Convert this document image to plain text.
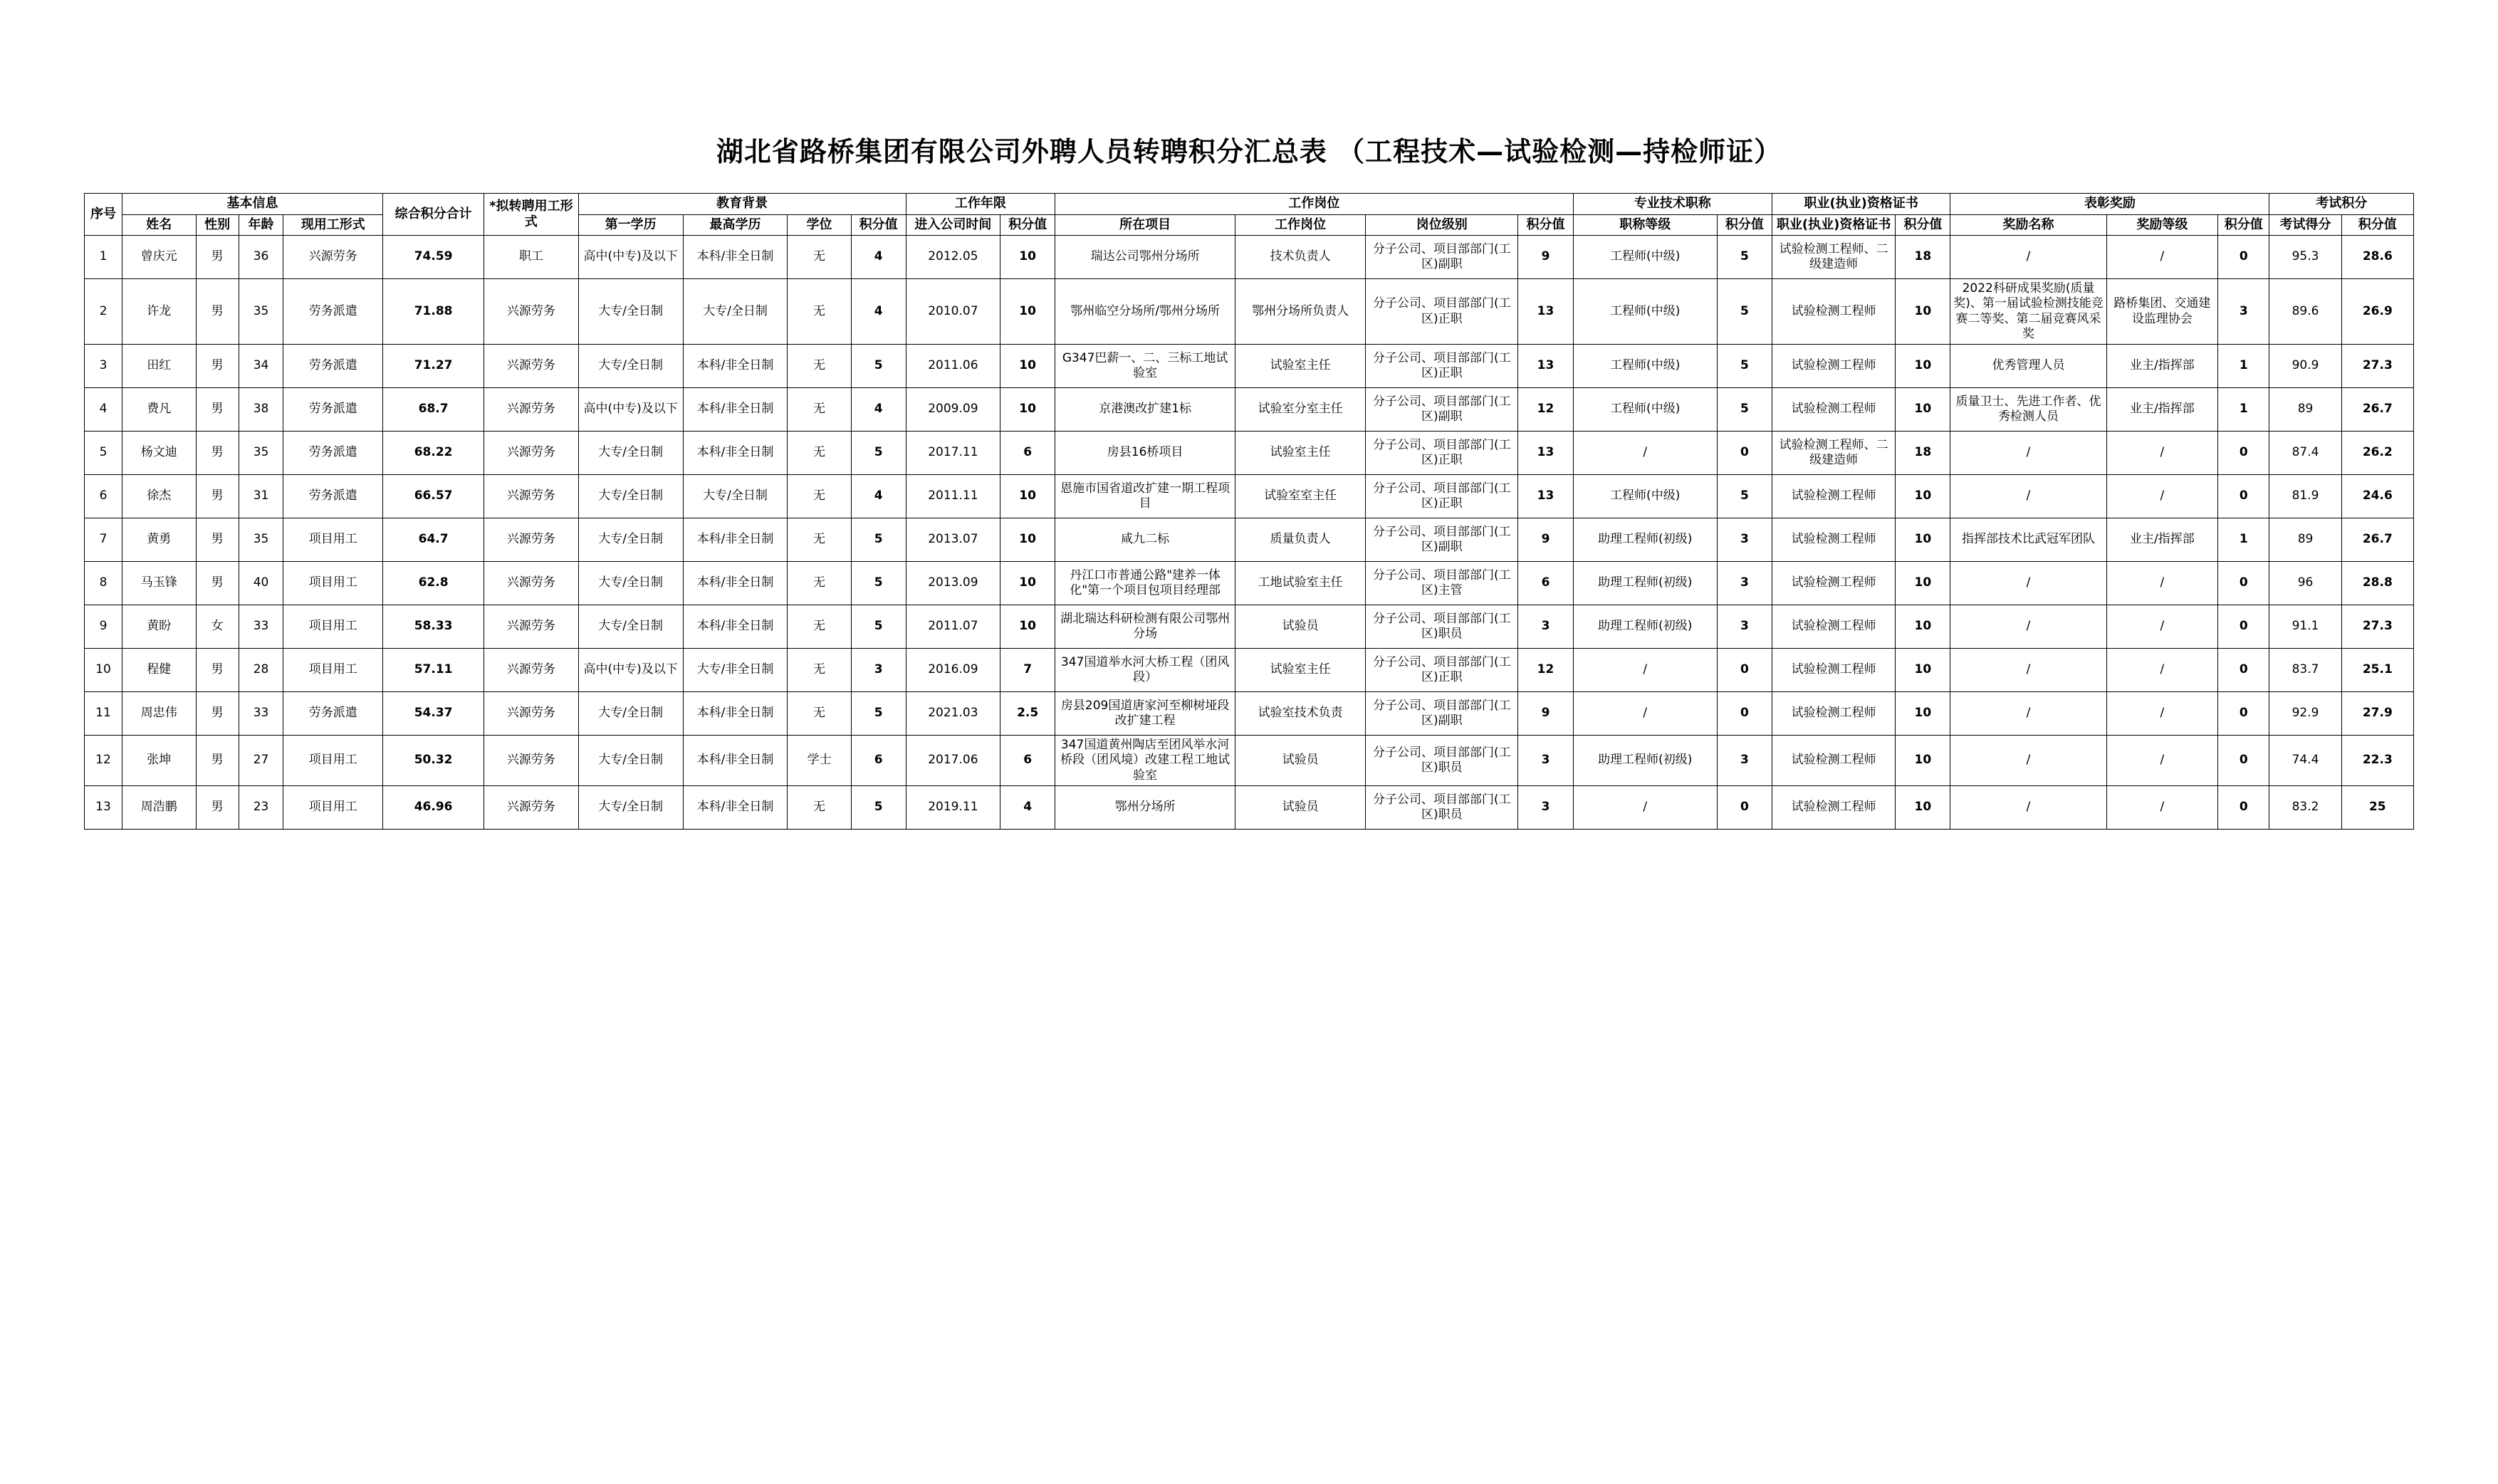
湖北省路桥集团有限公司外聘人员转聘积分汇总表 （工程技术—试验检测—持检师证）
序号	基本信息				综合积分合计	*拟转聘用工形式	教育背景				工作年限		工作岗位				专业技术职称		职业(执业)资格证书		表彰奖励			考试积分	
	姓名	性别	年龄	现用工形式			第一学历	最高学历	学位	积分值	进入公司时间	积分值	所在项目	工作岗位	岗位级别	积分值	职称等级	积分值	职业(执业)资格证书	积分值	奖励名称	奖励等级	积分值	考试得分	积分值
1	曾庆元	男	36	兴源劳务	74.59	职工	高中(中专)及以下	本科/非全日制	无	4	2012.05	10	瑞达公司鄂州分场所	技术负责人	分子公司、项目部部门(工区)副职	9	工程师(中级)	5	试验检测工程师、二级建造师	18	/	/	0	95.3	28.6
2	许龙	男	35	劳务派遣	71.88	兴源劳务	大专/全日制	大专/全日制	无	4	2010.07	10	鄂州临空分场所/鄂州分场所	鄂州分场所负责人	分子公司、项目部部门(工区)正职	13	工程师(中级)	5	试验检测工程师	10	2022科研成果奖励(质量奖)、第一届试验检测技能竞赛二等奖、第二届竞赛风采奖	路桥集团、交通建设监理协会	3	89.6	26.9
3	田红	男	34	劳务派遣	71.27	兴源劳务	大专/全日制	本科/非全日制	无	5	2011.06	10	G347巴薪一、二、三标工地试验室	试验室主任	分子公司、项目部部门(工区)正职	13	工程师(中级)	5	试验检测工程师	10	优秀管理人员	业主/指挥部	1	90.9	27.3
4	费凡	男	38	劳务派遣	68.7	兴源劳务	高中(中专)及以下	本科/非全日制	无	4	2009.09	10	京港澳改扩建1标	试验室分室主任	分子公司、项目部部门(工区)副职	12	工程师(中级)	5	试验检测工程师	10	质量卫士、先进工作者、优秀检测人员	业主/指挥部	1	89	26.7
5	杨文迪	男	35	劳务派遣	68.22	兴源劳务	大专/全日制	本科/非全日制	无	5	2017.11	6	房县16桥项目	试验室主任	分子公司、项目部部门(工区)正职	13	/	0	试验检测工程师、二级建造师	18	/	/	0	87.4	26.2
6	徐杰	男	31	劳务派遣	66.57	兴源劳务	大专/全日制	大专/全日制	无	4	2011.11	10	恩施市国省道改扩建一期工程项目	试验室室主任	分子公司、项目部部门(工区)正职	13	工程师(中级)	5	试验检测工程师	10	/	/	0	81.9	24.6
7	黄勇	男	35	项目用工	64.7	兴源劳务	大专/全日制	本科/非全日制	无	5	2013.07	10	咸九二标	质量负责人	分子公司、项目部部门(工区)副职	9	助理工程师(初级)	3	试验检测工程师	10	指挥部技术比武冠军团队	业主/指挥部	1	89	26.7
8	马玉锋	男	40	项目用工	62.8	兴源劳务	大专/全日制	本科/非全日制	无	5	2013.09	10	丹江口市普通公路"建养一体化"第一个项目包项目经理部	工地试验室主任	分子公司、项目部部门(工区)主管	6	助理工程师(初级)	3	试验检测工程师	10	/	/	0	96	28.8
9	黄盼	女	33	项目用工	58.33	兴源劳务	大专/全日制	本科/非全日制	无	5	2011.07	10	湖北瑞达科研检测有限公司鄂州分场	试验员	分子公司、项目部部门(工区)职员	3	助理工程师(初级)	3	试验检测工程师	10	/	/	0	91.1	27.3
10	程健	男	28	项目用工	57.11	兴源劳务	高中(中专)及以下	大专/非全日制	无	3	2016.09	7	347国道举水河大桥工程（团风段）	试验室主任	分子公司、项目部部门(工区)正职	12	/	0	试验检测工程师	10	/	/	0	83.7	25.1
11	周忠伟	男	33	劳务派遣	54.37	兴源劳务	大专/全日制	本科/非全日制	无	5	2021.03	2.5	房县209国道唐家河至柳树垭段改扩建工程	试验室技术负责	分子公司、项目部部门(工区)副职	9	/	0	试验检测工程师	10	/	/	0	92.9	27.9
12	张坤	男	27	项目用工	50.32	兴源劳务	大专/全日制	本科/非全日制	学士	6	2017.06	6	347国道黄州陶店至团风举水河桥段（团风境）改建工程工地试验室	试验员	分子公司、项目部部门(工区)职员	3	助理工程师(初级)	3	试验检测工程师	10	/	/	0	74.4	22.3
13	周浩鹏	男	23	项目用工	46.96	兴源劳务	大专/全日制	本科/非全日制	无	5	2019.11	4	鄂州分场所	试验员	分子公司、项目部部门(工区)职员	3	/	0	试验检测工程师	10	/	/	0	83.2	25
